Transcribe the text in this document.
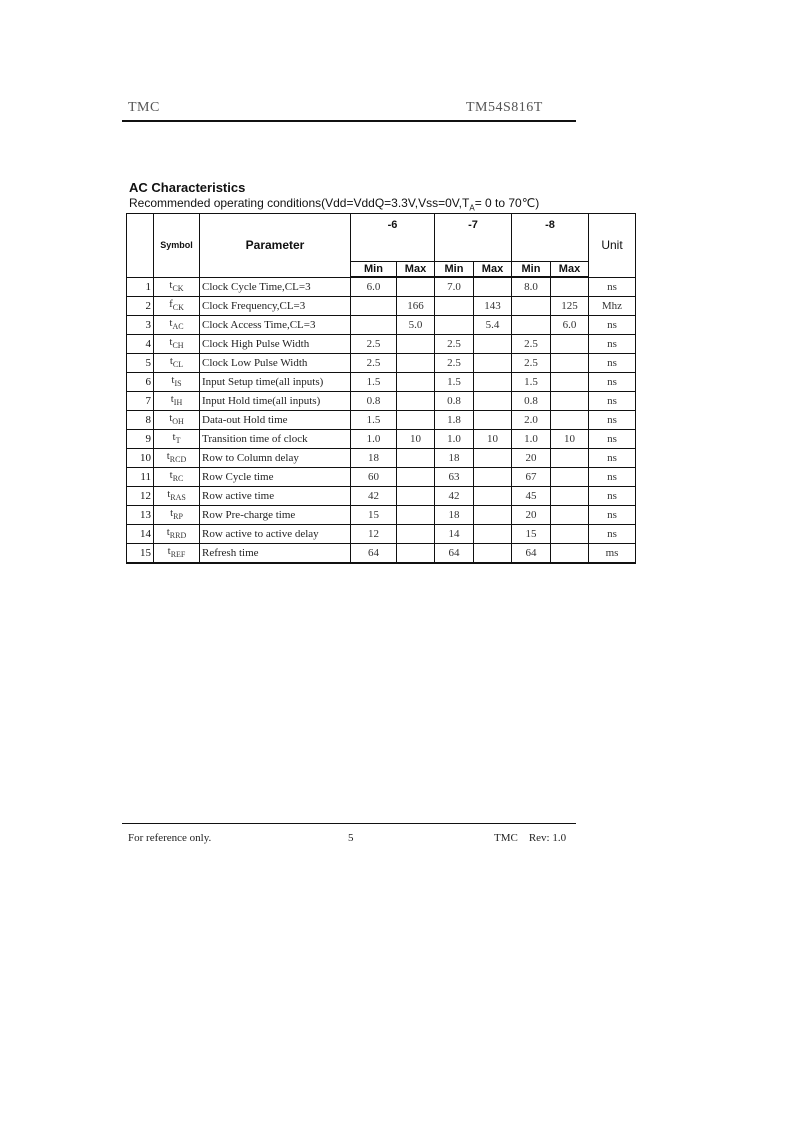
TMC	TM54S816T
AC Characteristics
Recommended operating $conditions(Vdd=VddQ=3.3V,Vss=0V,T_A= 0$ to 70℃)
	Symbol	Parameter	-6		-7		-8		Unit
			Min	Max	Min	Max	Min	Max	
1	$t_{CK}$	Clock Cycle Time,CL=3	6.0		7.0		8.0		ns
2	$f_{CK}$	Clock Frequency,CL=3		166		143		125	Mhz
3	$t_{AC}$	Clock Access Time,CL=3		5.0		5.4		6.0	ns
4	$t_{CH}$	Clock High Pulse Width	2.5		2.5		2.5		ns
5	$t_{CL}$	Clock Low Pulse Width	2.5		2.5		2.5		ns
6	$t_{IS}$	Input Setup time(all inputs)	1.5		1.5		1.5		ns
7	$t_{IH}$	Input Hold time(all inputs)	0.8		0.8		0.8		ns
8	$t_{OH}$	Data-out Hold time	1.5		1.8		2.0		ns
9	$t_T$	Transition time of clock	1.0	10	1.0	10	1.0	10	ns
10	$t_{RCD}$	Row to Column delay	18		18		20		ns
11	$t_{RC}$	Row Cycle time	60		63		67		ns
12	$t_{RAS}$	Row active time	42		42		45		ns
13	$t_{RP}$	Row Pre-charge time	15		18		20		ns
14	$t_{RRD}$	Row active to active delay	12		14		15		ns
15	$t_{REF}$	Refresh time	64		64		64		ms
For reference only.	5	TMC    Rev: 1.0
